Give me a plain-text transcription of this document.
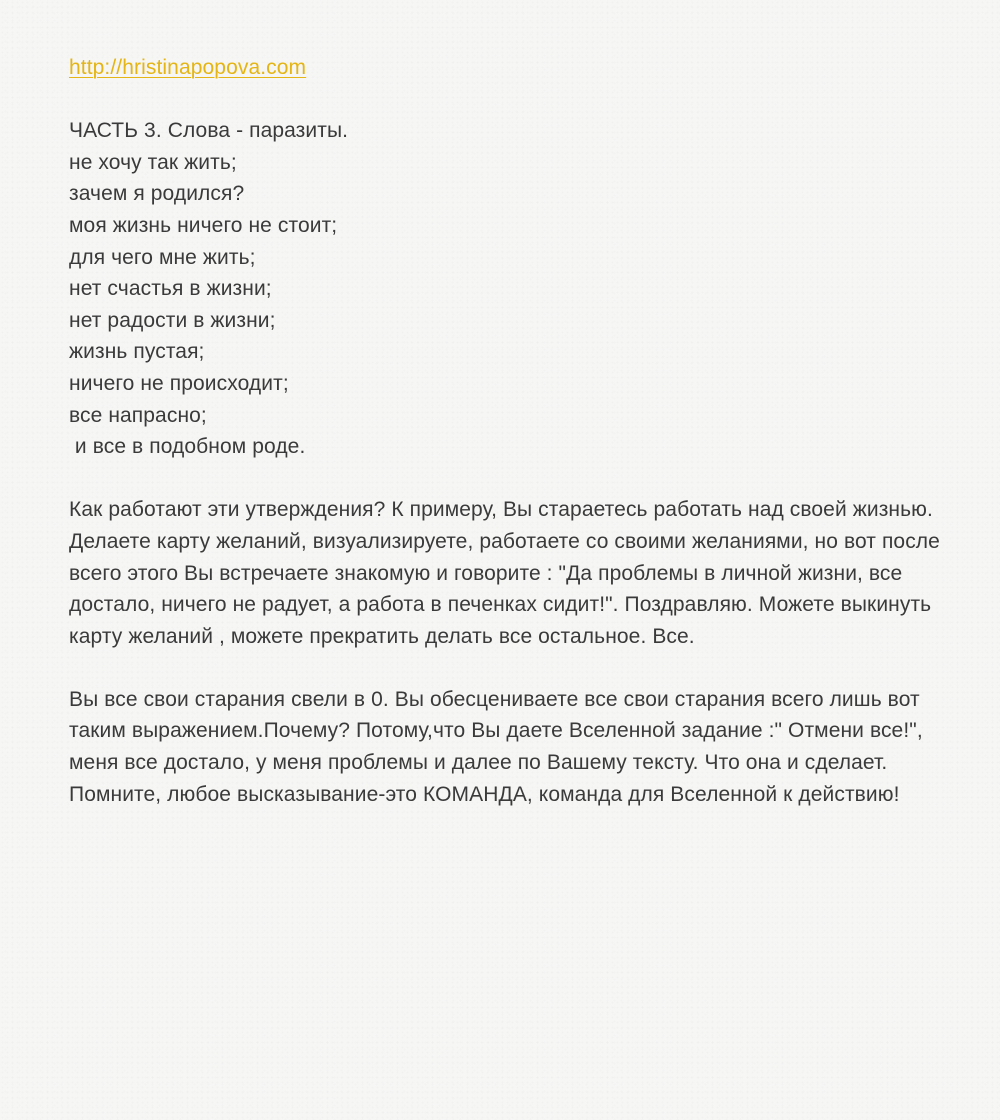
http://hristinapopova.com
ЧАСТЬ 3. Слова - паразиты.
не хочу так жить;
зачем я родился?
моя жизнь ничего не стоит;
для чего мне жить;
нет счастья в жизни;
нет радости в жизни;
жизнь пустая;
ничего не происходит;
все напрасно;
и все в подобном роде.
Как работают эти утверждения? К примеру, Вы стараетесь работать над своей жизнью. Делаете карту желаний, визуализируете, работаете со своими желаниями, но вот после всего этого Вы встречаете знакомую и говорите : "Да проблемы в личной жизни, все достало, ничего не радует, а работа в печенках сидит!". Поздравляю. Можете выкинуть карту желаний , можете прекратить делать все остальное. Все.
Вы все свои старания свели в 0. Вы обесцениваете все свои старания всего лишь вот таким выражением.Почему? Потому,что Вы даете Вселенной задание :" Отмени все!", меня все достало, у меня проблемы и далее по Вашему тексту. Что она и сделает. Помните, любое высказывание-это КОМАНДА, команда для Вселенной к действию!
